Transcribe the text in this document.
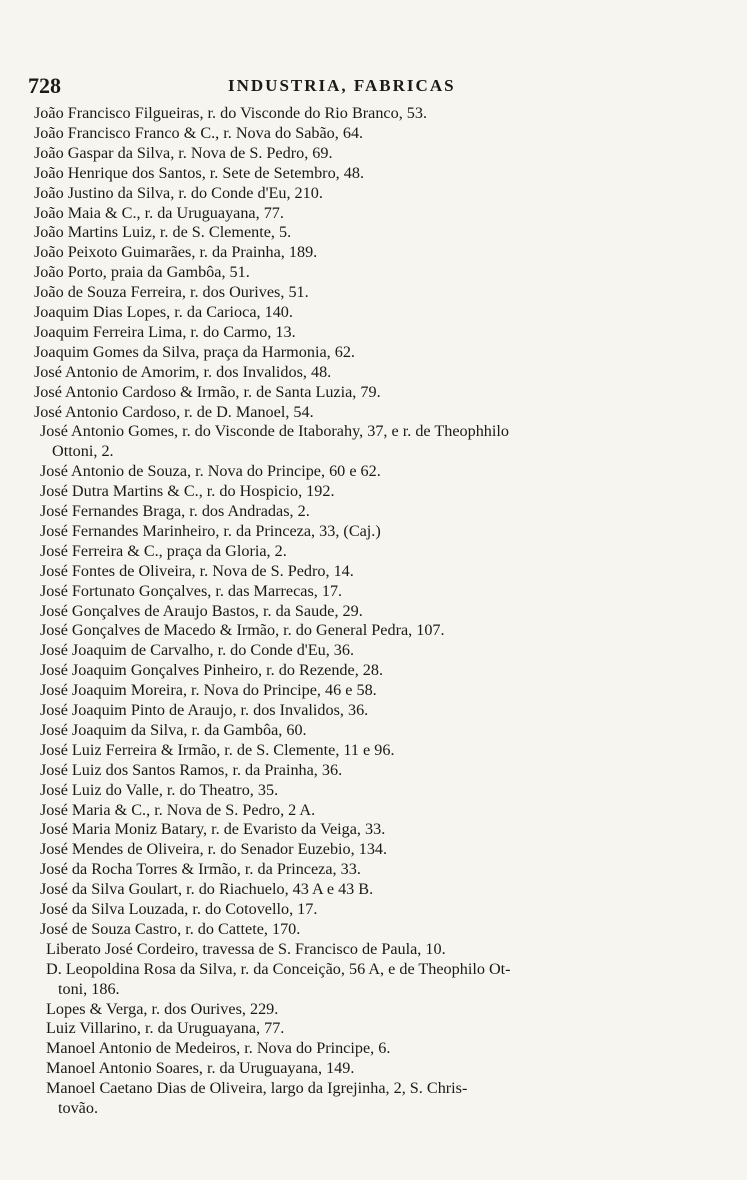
728	INDUSTRIA, FABRICAS
João Francisco Filgueiras, r. do Visconde do Rio Branco, 53.
João Francisco Franco & C., r. Nova do Sabão, 64.
João Gaspar da Silva, r. Nova de S. Pedro, 69.
João Henrique dos Santos, r. Sete de Setembro, 48.
João Justino da Silva, r. do Conde d'Eu, 210.
João Maia & C., r. da Uruguayana, 77.
João Martins Luiz, r. de S. Clemente, 5.
João Peixoto Guimarães, r. da Prainha, 189.
João Porto, praia da Gambôa, 51.
João de Souza Ferreira, r. dos Ourives, 51.
Joaquim Dias Lopes, r. da Carioca, 140.
Joaquim Ferreira Lima, r. do Carmo, 13.
Joaquim Gomes da Silva, praça da Harmonia, 62.
José Antonio de Amorim, r. dos Invalidos, 48.
José Antonio Cardoso & Irmão, r. de Santa Luzia, 79.
José Antonio Cardoso, r. de D. Manoel, 54.
José Antonio Gomes, r. do Visconde de Itaborahy, 37, e r. de Theophhilo
Ottoni, 2.
José Antonio de Souza, r. Nova do Principe, 60 e 62.
José Dutra Martins & C., r. do Hospicio, 192.
José Fernandes Braga, r. dos Andradas, 2.
José Fernandes Marinheiro, r. da Princeza, 33, (Caj.)
José Ferreira & C., praça da Gloria, 2.
José Fontes de Oliveira, r. Nova de S. Pedro, 14.
José Fortunato Gonçalves, r. das Marrecas, 17.
José Gonçalves de Araujo Bastos, r. da Saude, 29.
José Gonçalves de Macedo & Irmão, r. do General Pedra, 107.
José Joaquim de Carvalho, r. do Conde d'Eu, 36.
José Joaquim Gonçalves Pinheiro, r. do Rezende, 28.
José Joaquim Moreira, r. Nova do Principe, 46 e 58.
José Joaquim Pinto de Araujo, r. dos Invalidos, 36.
José Joaquim da Silva, r. da Gambôa, 60.
José Luiz Ferreira & Irmão, r. de S. Clemente, 11 e 96.
José Luiz dos Santos Ramos, r. da Prainha, 36.
José Luiz do Valle, r. do Theatro, 35.
José Maria & C., r. Nova de S. Pedro, 2 A.
José Maria Moniz Batary, r. de Evaristo da Veiga, 33.
José Mendes de Oliveira, r. do Senador Euzebio, 134.
José da Rocha Torres & Irmão, r. da Princeza, 33.
José da Silva Goulart, r. do Riachuelo, 43 A e 43 B.
José da Silva Louzada, r. do Cotovello, 17.
José de Souza Castro, r. do Cattete, 170.
Liberato José Cordeiro, travessa de S. Francisco de Paula, 10.
D. Leopoldina Rosa da Silva, r. da Conceição, 56 A, e de Theophilo Ot-
toni, 186.
Lopes & Verga, r. dos Ourives, 229.
Luiz Villarino, r. da Uruguayana, 77.
Manoel Antonio de Medeiros, r. Nova do Principe, 6.
Manoel Antonio Soares, r. da Uruguayana, 149.
Manoel Caetano Dias de Oliveira, largo da Igrejinha, 2, S. Chris-
tovão.
